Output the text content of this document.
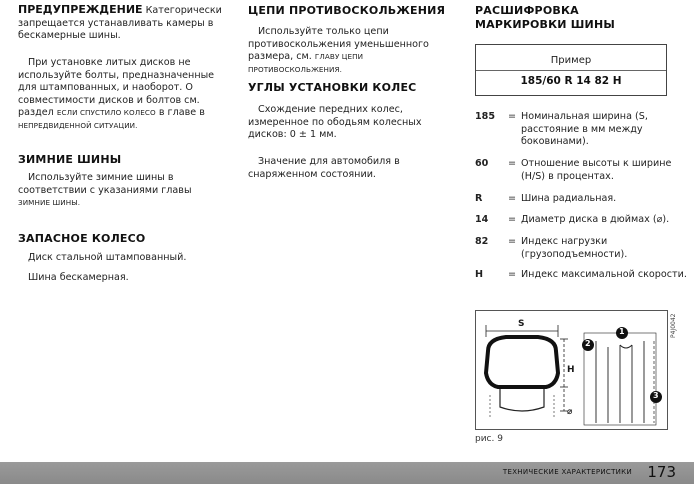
ПРЕДУПРЕЖДЕНИЕ Категорически запрещается устанавливать камеры в бескамерные шины.

При установке литых дисков не используйте болты, предназначенные для штампованных, и наоборот. О совместимости дисков и болтов см. раздел ЕСЛИ СПУСТИЛО КОЛЕСО в главе в НЕПРЕДВИДЕННОЙ СИТУАЦИИ.

ЗИМНИЕ ШИНЫ

Используйте зимние шины в соответствии с указаниями главы ЗИМНИЕ ШИНЫ.

ЗАПАСНОЕ КОЛЕСО

Диск стальной штампованный.

Шина бескамерная.

ЦЕПИ ПРОТИВОСКОЛЬЖЕНИЯ

Используйте только цепи противоскольжения уменьшенного размера, см. ГЛАВУ ЦЕПИ ПРОТИВОСКОЛЬЖЕНИЯ.

УГЛЫ УСТАНОВКИ КОЛЕС

Схождение передних колес, измеренное по ободьям колесных дисков: 0 ± 1 мм.

Значение для автомобиля в снаряженном состоянии.

РАСШИФРОВКА
МАРКИРОВКИ ШИНЫ
Пример
185/60 R 14 82 H
185 = Номинальная ширина (S, расстояние в мм между боковинами).
60 = Отношение высоты к ширине (H/S) в процентах.
R	= Шина радиальная.
14 = Диаметр диска в дюймах (⌀).
82 = Индекс нагрузки (грузоподъемности).
H	= Индекс максимальной скорости.
S
H
⌀
1
2
3
P4J0042
рис. 9
ТЕХНИЧЕСКИЕ ХАРАКТЕРИСТИКИ 173
